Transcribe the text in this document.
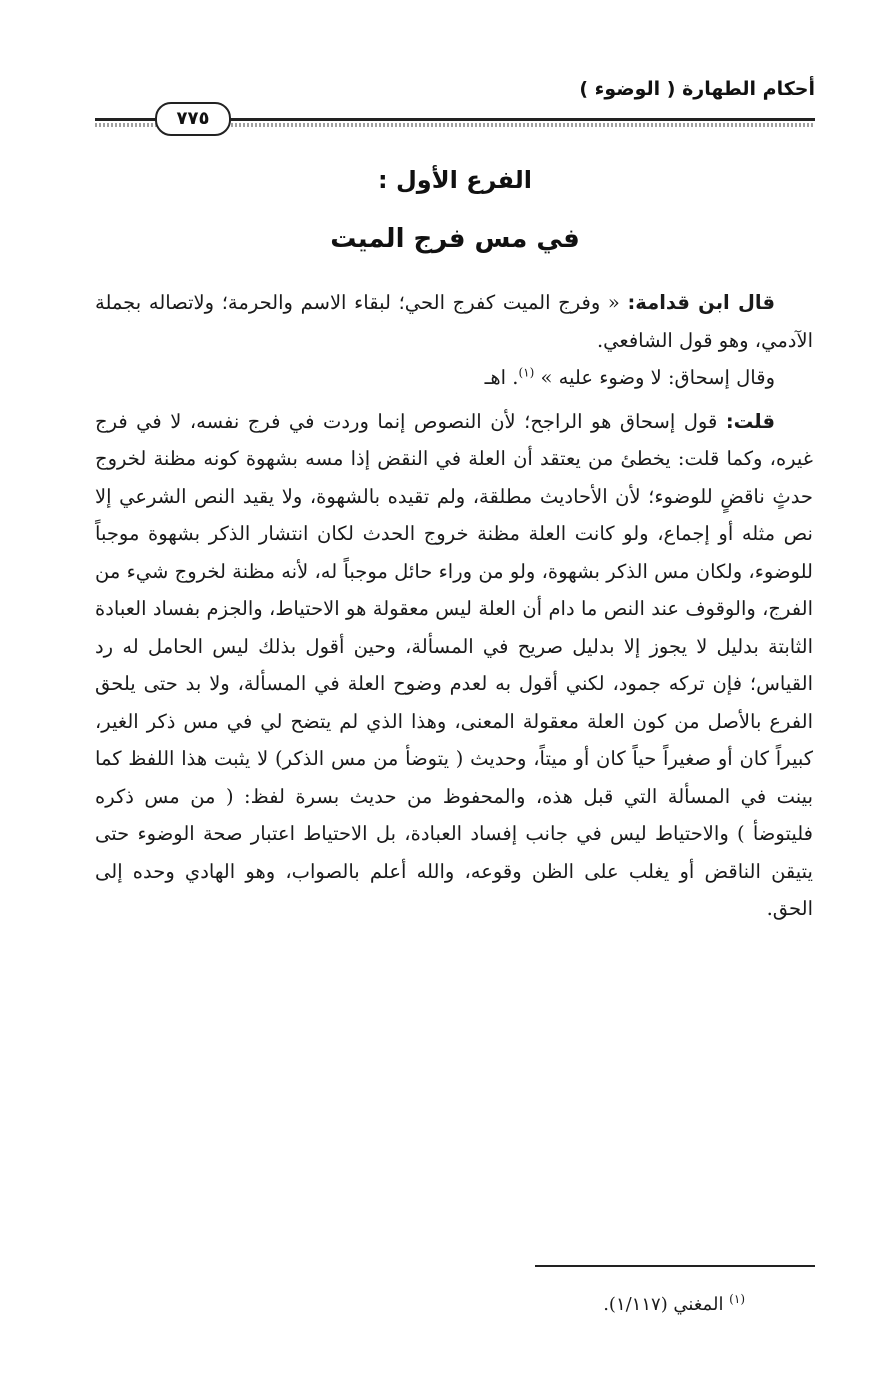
أحكام الطهارة ( الوضوء )
٧٧٥
الفرع الأول :
في مس فرج الميت

قال ابن قدامة: « وفرج الميت كفرج الحي؛ لبقاء الاسم والحرمة؛ ولاتصاله بجملة الآدمي، وهو قول الشافعي.

وقال إسحاق: لا وضوء عليه » $^{(١)}$. اهـ

قلت: قول إسحاق هو الراجح؛ لأن النصوص إنما وردت في فرج نفسه، لا في فرج غيره، وكما قلت: يخطئ من يعتقد أن العلة في النقض إذا مسه بشهوة كونه مظنة لخروج حدثٍ ناقضٍ للوضوء؛ لأن الأحاديث مطلقة، ولم تقيده بالشهوة، ولا يقيد النص الشرعي إلا نص مثله أو إجماع، ولو كانت العلة مظنة خروج الحدث لكان انتشار الذكر بشهوة موجباً للوضوء، ولكان مس الذكر بشهوة، ولو من وراء حائل موجباً له، لأنه مظنة لخروج شيء من الفرج، والوقوف عند النص ما دام أن العلة ليس معقولة هو الاحتياط، والجزم بفساد العبادة الثابتة بدليل لا يجوز إلا بدليل صريح في المسألة، وحين أقول بذلك ليس الحامل له رد القياس؛ فإن تركه جمود، لكني أقول به لعدم وضوح العلة في المسألة، ولا بد حتى يلحق الفرع بالأصل من كون العلة معقولة المعنى، وهذا الذي لم يتضح لي في مس ذكر الغير، كبيراً كان أو صغيراً حياً كان أو ميتاً، وحديث ( يتوضأ من مس الذكر) لا يثبت هذا اللفظ كما بينت في المسألة التي قبل هذه، والمحفوظ من حديث بسرة لفظ: ( من مس ذكره فليتوضأ ) والاحتياط ليس في جانب إفساد العبادة، بل الاحتياط اعتبار صحة الوضوء حتى يتيقن الناقض أو يغلب على الظن وقوعه، والله أعلم بالصواب، وهو الهادي وحده إلى الحق.

$^{(١)}$ المغني (١/١١٧).
